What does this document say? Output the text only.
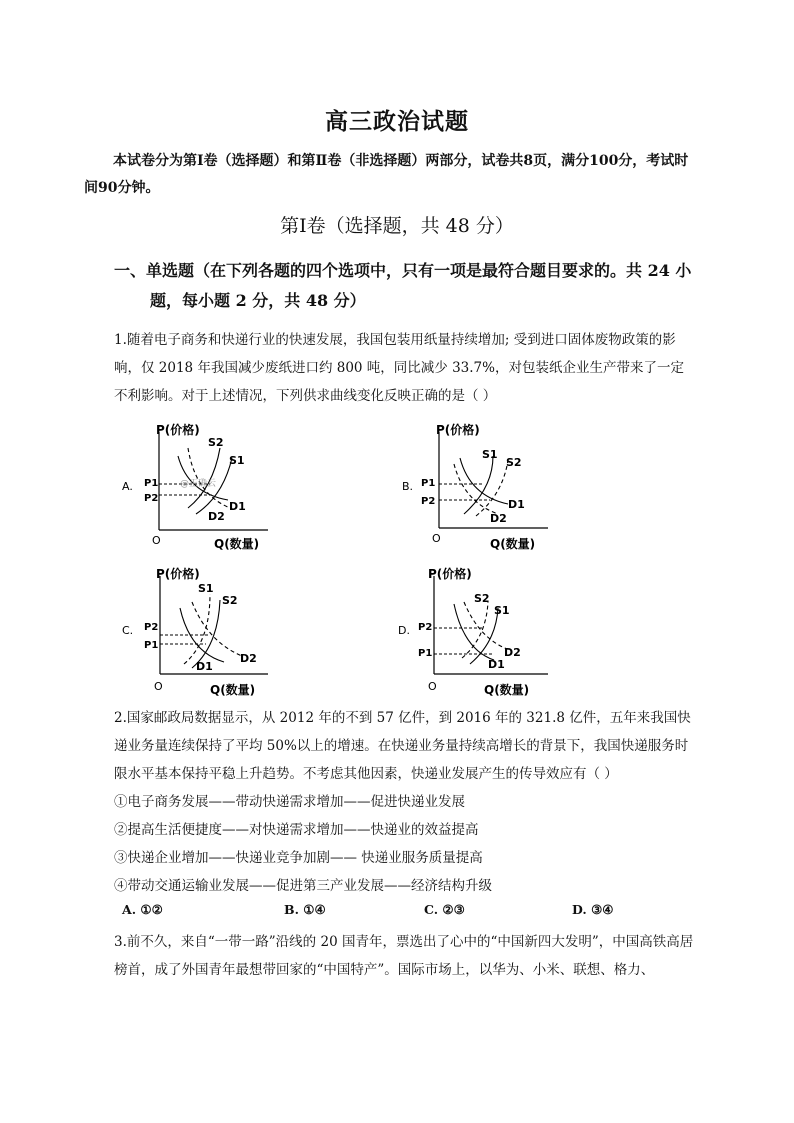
高三政治试题
本试卷分为第Ⅰ卷（选择题）和第Ⅱ卷（非选择题）两部分，试卷共8页，满分100分，考试时间90分钟。
第Ⅰ卷（选择题，共 48 分）
一、单选题（在下列各题的四个选项中，只有一项是最符合题目要求的。共 24 小
题，每小题 2 分，共 48 分）
1.随着电子商务和快递行业的快速发展，我国包装用纸量持续增加; 受到进口固体废物政策的影响，仅 2018 年我国减少废纸进口约 800 吨，同比减少 33.7%，对包装纸企业生产带来了一定不利影响。对于上述情况，下列供求曲线变化反映正确的是（ ）
A.
P(价格)
Q(数量)
O
S2
S1
D1
D2
P1
P2
@正确云	B.
P(价格)
Q(数量)
O
S1
S2
D1
D2
P1
P2
C.
P(价格)
Q(数量)
O
S1
S2
D1
D2
P2
P1
D.
P(价格)
Q(数量)
O
S2
S1
D2
D1
P2
P1
2.国家邮政局数据显示，从 2012 年的不到 57 亿件，到 2016 年的 321.8 亿件，五年来我国快递业务量连续保持了平均 50%以上的增速。在快递业务量持续高增长的背景下，我国快递服务时限水平基本保持平稳上升趋势。不考虑其他因素，快递业发展产生的传导效应有（ ）
①电子商务发展——带动快递需求增加——促进快递业发展
②提高生活便捷度——对快递需求增加——快递业的效益提高
③快递企业增加——快递业竞争加剧—— 快递业服务质量提高
④带动交通运输业发展——促进第三产业发展——经济结构升级
A. ①②	B. ①④	C. ②③	D. ③④
3.前不久，来自“一带一路”沿线的 20 国青年，票选出了心中的“中国新四大发明”，中国高铁高居榜首，成了外国青年最想带回家的“中国特产”。国际市场上，以华为、小米、联想、格力、
